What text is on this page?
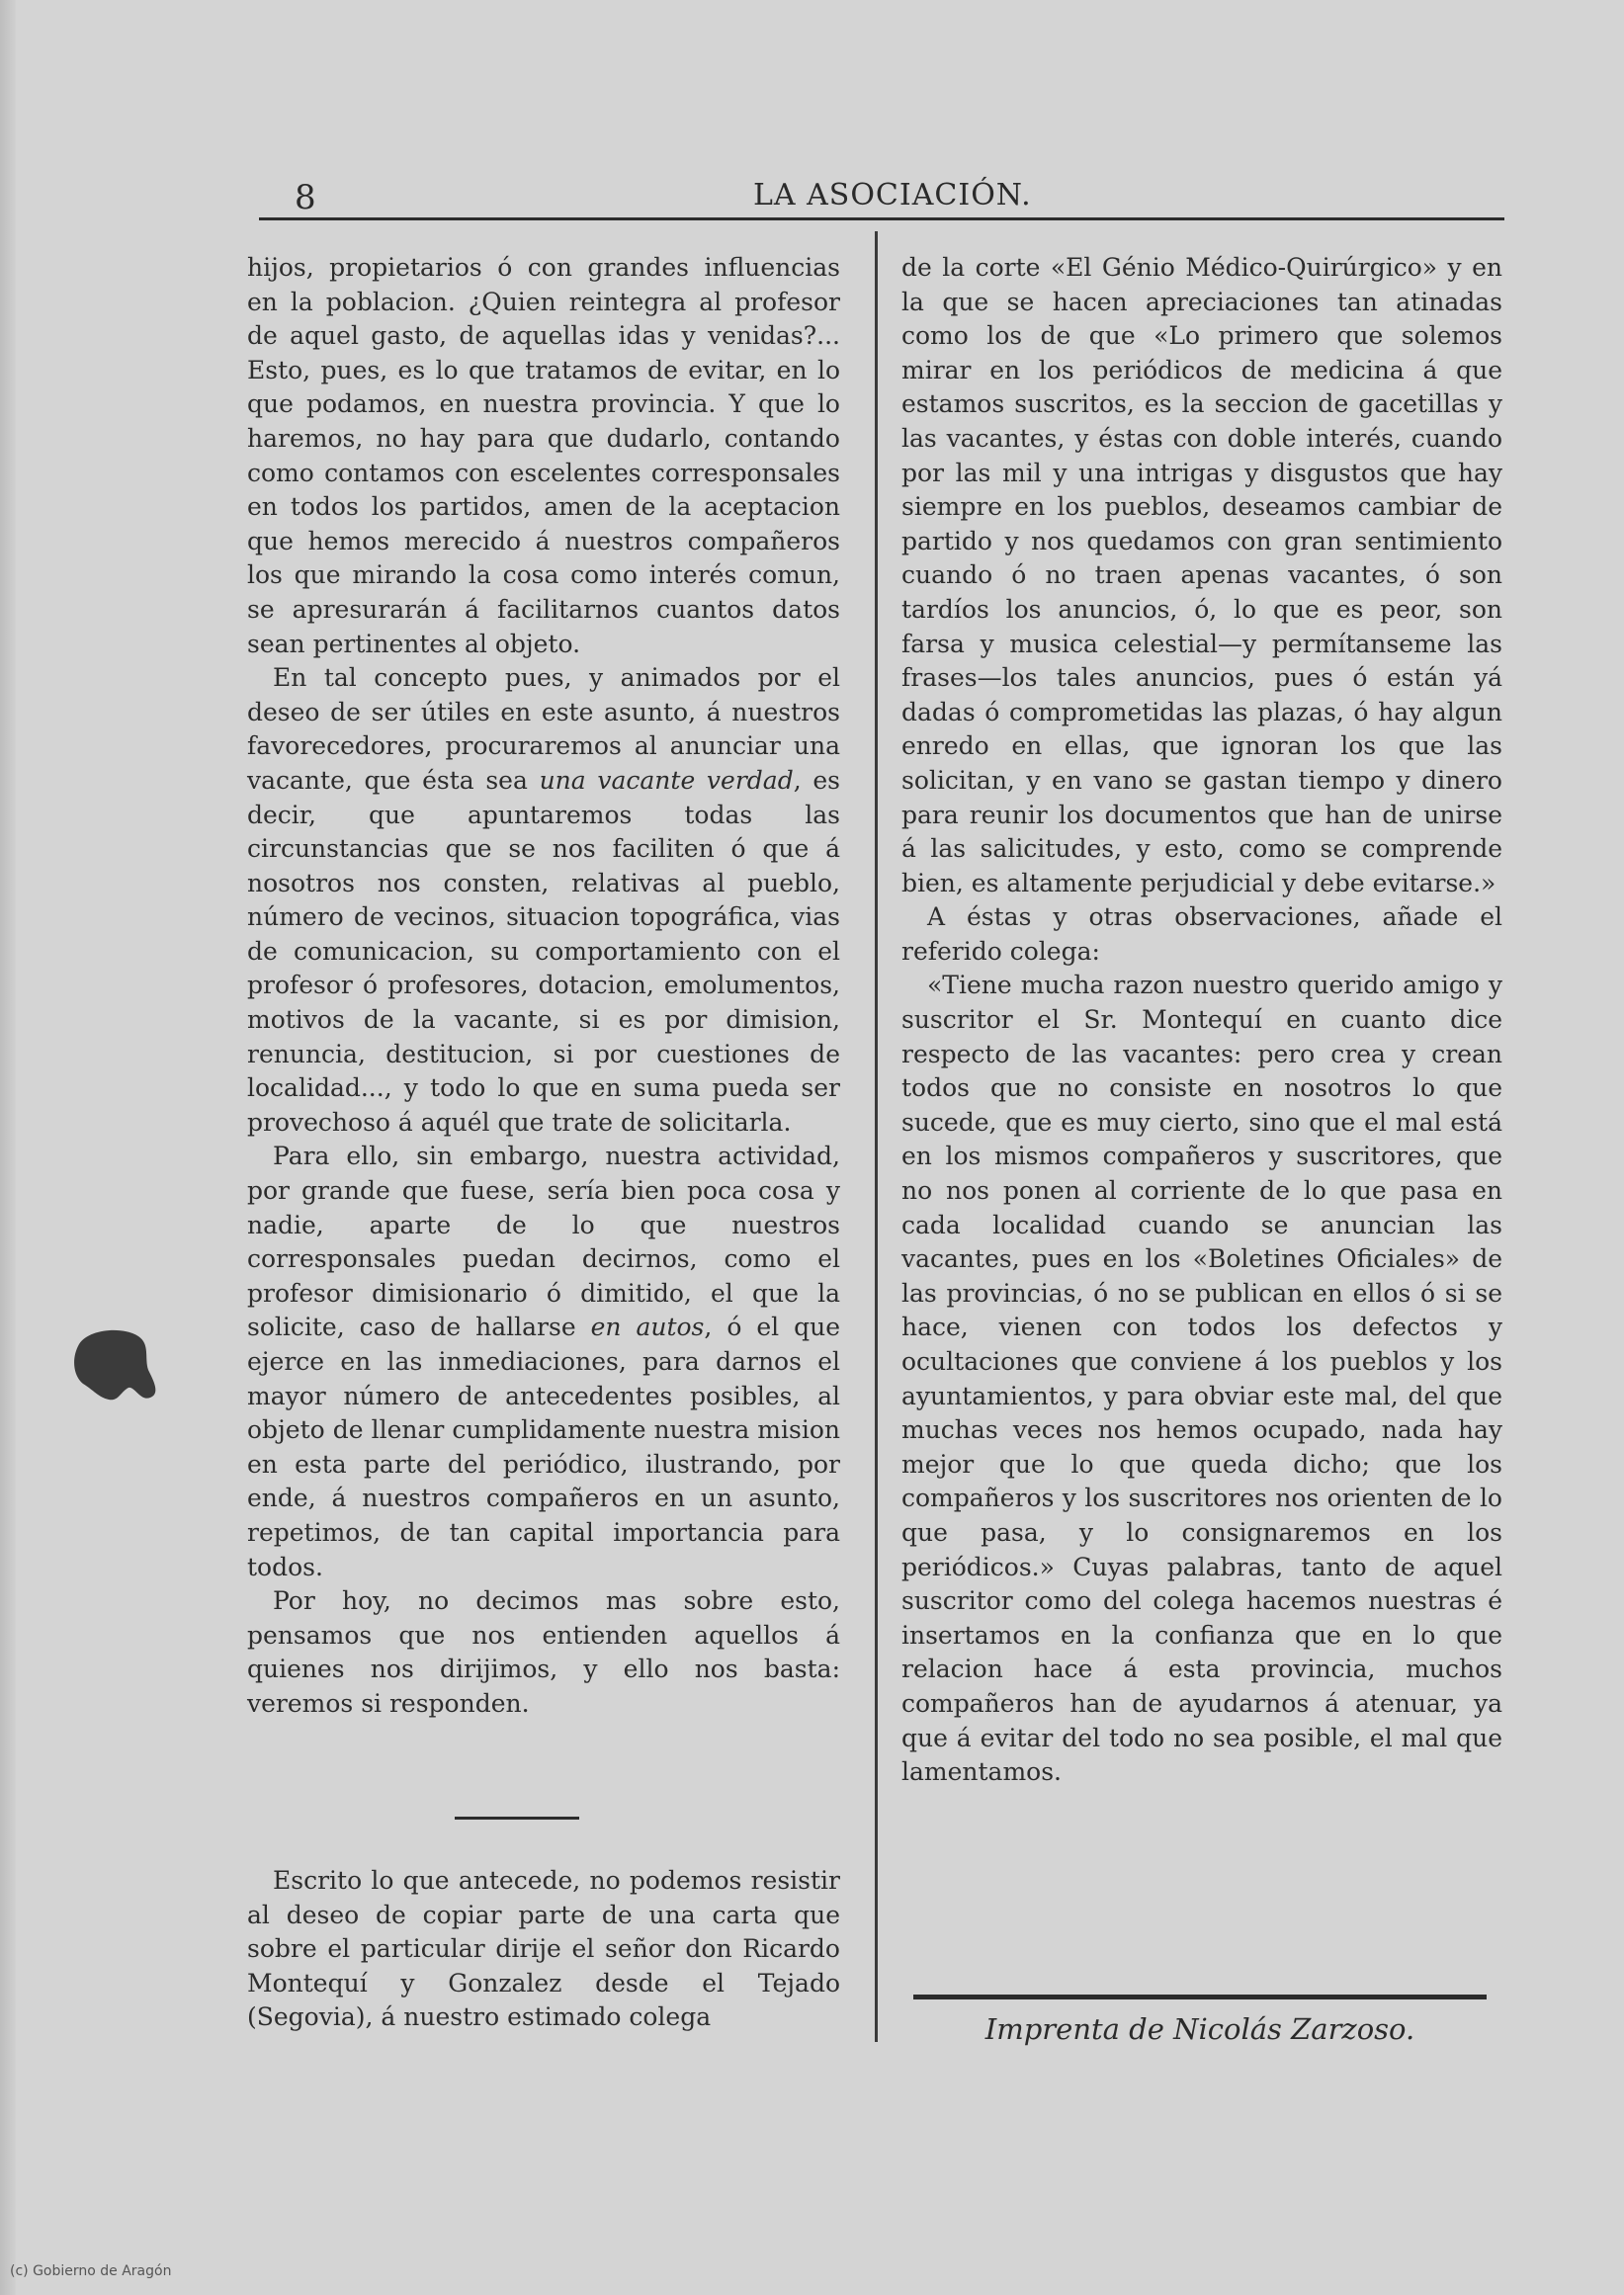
8	LA ASOCIACIÓN.

hijos, propietarios ó con grandes influencias en la poblacion. ¿Quien reintegra al profesor de aquel gasto, de aquellas idas y venidas?... Esto, pues, es lo que tratamos de evitar, en lo que podamos, en nuestra provincia. Y que lo haremos, no hay para que dudarlo, contando como contamos con escelentes corresponsales en todos los partidos, amen de la aceptacion que hemos merecido á nuestros compañeros los que mirando la cosa como interés comun, se apresurarán á facilitarnos cuantos datos sean pertinentes al objeto.

En tal concepto pues, y animados por el deseo de ser útiles en este asunto, á nuestros favorecedores, procuraremos al anunciar una vacante, que ésta sea una vacante verdad, es decir, que apuntaremos todas las circunstancias que se nos faciliten ó que á nosotros nos consten, relativas al pueblo, número de vecinos, situacion topográfica, vias de comunicacion, su comportamiento con el profesor ó profesores, dotacion, emolumentos, motivos de la vacante, si es por dimision, renuncia, destitucion, si por cuestiones de localidad..., y todo lo que en suma pueda ser provechoso á aquél que trate de solicitarla.

Para ello, sin embargo, nuestra actividad, por grande que fuese, sería bien poca cosa y nadie, aparte de lo que nuestros corresponsales puedan decirnos, como el profesor dimisionario ó dimitido, el que la solicite, caso de hallarse en autos, ó el que ejerce en las inmediaciones, para darnos el mayor número de antecedentes posibles, al objeto de llenar cumplidamente nuestra mision en esta parte del periódico, ilustrando, por ende, á nuestros compañeros en un asunto, repetimos, de tan capital importancia para todos.

Por hoy, no decimos mas sobre esto, pensamos que nos entienden aquellos á quienes nos dirijimos, y ello nos basta: veremos si responden.

Escrito lo que antecede, no podemos resistir al deseo de copiar parte de una carta que sobre el particular dirije el señor don Ricardo Montequí y Gonzalez desde el Tejado (Segovia), á nuestro estimado colega

de la corte «El Génio Médico-Quirúrgico» y en la que se hacen apreciaciones tan atinadas como los de que «Lo primero que solemos mirar en los periódicos de medicina á que estamos suscritos, es la seccion de gacetillas y las vacantes, y éstas con doble interés, cuando por las mil y una intrigas y disgustos que hay siempre en los pueblos, deseamos cambiar de partido y nos quedamos con gran sentimiento cuando ó no traen apenas vacantes, ó son tardíos los anuncios, ó, lo que es peor, son farsa y musica celestial—y permítanseme las frases—los tales anuncios, pues ó están yá dadas ó comprometidas las plazas, ó hay algun enredo en ellas, que ignoran los que las solicitan, y en vano se gastan tiempo y dinero para reunir los documentos que han de unirse á las salicitudes, y esto, como se comprende bien, es altamente perjudicial y debe evitarse.»

A éstas y otras observaciones, añade el referido colega:

«Tiene mucha razon nuestro querido amigo y suscritor el Sr. Montequí en cuanto dice respecto de las vacantes: pero crea y crean todos que no consiste en nosotros lo que sucede, que es muy cierto, sino que el mal está en los mismos compañeros y suscritores, que no nos ponen al corriente de lo que pasa en cada localidad cuando se anuncian las vacantes, pues en los «Boletines Oficiales» de las provincias, ó no se publican en ellos ó si se hace, vienen con todos los defectos y ocultaciones que conviene á los pueblos y los ayuntamientos, y para obviar este mal, del que muchas veces nos hemos ocupado, nada hay mejor que lo que queda dicho; que los compañeros y los suscritores nos orienten de lo que pasa, y lo consignaremos en los periódicos.» Cuyas palabras, tanto de aquel suscritor como del colega hacemos nuestras é insertamos en la confianza que en lo que relacion hace á esta provincia, muchos compañeros han de ayudarnos á atenuar, ya que á evitar del todo no sea posible, el mal que lamentamos.

Imprenta de Nicolás Zarzoso.
(c) Gobierno de Aragón
